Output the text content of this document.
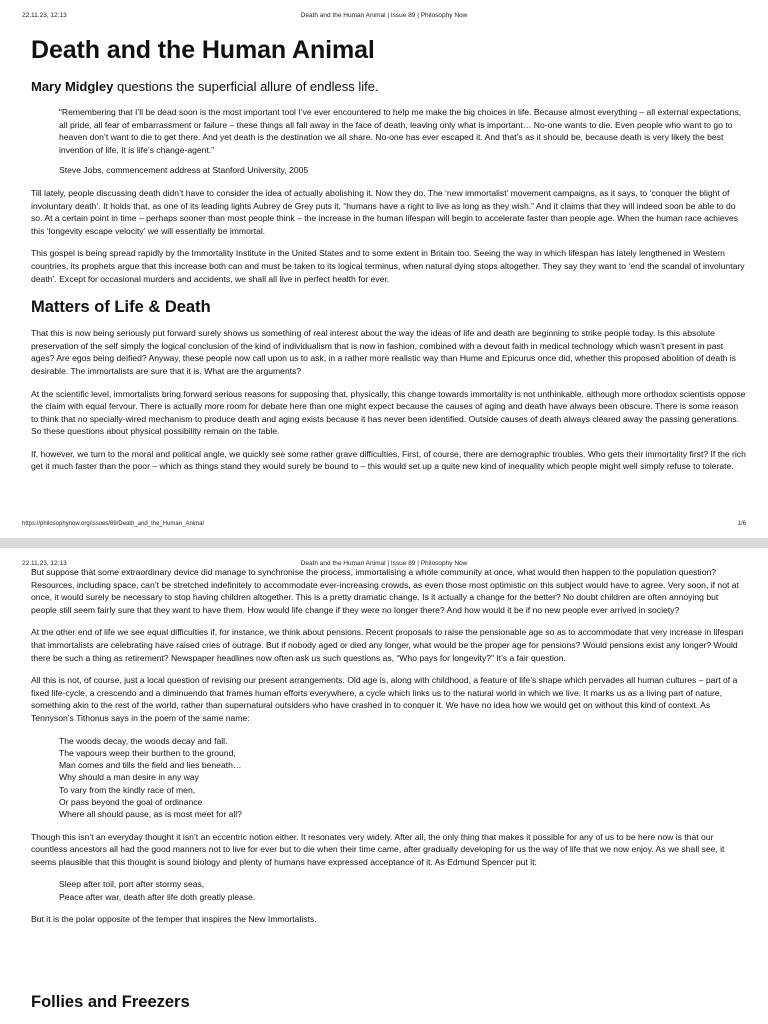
22.11.23, 12:13	Death and the Human Animal | Issue 89 | Philosophy Now
Death and the Human Animal
Mary Midgley questions the superficial allure of endless life.

“Remembering that I’ll be dead soon is the most important tool I’ve ever encountered to help me make the big choices in life. Because almost everything – all external expectations, all pride, all fear of embarrassment or failure – these things all fall away in the face of death, leaving only what is important… No-one wants to die. Even people who want to go to heaven don’t want to die to get there. And yet death is the destination we all share. No-one has ever escaped it. And that’s as it should be, because death is very likely the best invention of life. It is life’s change-agent.”

Steve Jobs, commencement address at Stanford University, 2005

Till lately, people discussing death didn’t have to consider the idea of actually abolishing it. Now they do. The ‘new immortalist’ movement campaigns, as it says, to ‘conquer the blight of involuntary death’. It holds that, as one of its leading lights Aubrey de Grey puts it, “humans have a right to live as long as they wish.” And it claims that they will indeed soon be able to do so. At a certain point in time – perhaps sooner than most people think – the increase in the human lifespan will begin to accelerate faster than people age. When the human race achieves this ‘longevity escape velocity’ we will essentially be immortal.

This gospel is being spread rapidly by the Immortality Institute in the United States and to some extent in Britain too. Seeing the way in which lifespan has lately lengthened in Western countries, its prophets argue that this increase both can and must be taken to its logical terminus, when natural dying stops altogether. They say they want to ‘end the scandal of involuntary death’. Except for occasional murders and accidents, we shall all live in perfect health for ever.

Matters of Life & Death

That this is now being seriously put forward surely shows us something of real interest about the way the ideas of life and death are beginning to strike people today. Is this absolute preservation of the self simply the logical conclusion of the kind of individualism that is now in fashion, combined with a devout faith in medical technology which wasn’t present in past ages? Are egos being deified? Anyway, these people now call upon us to ask, in a rather more realistic way than Hume and Epicurus once did, whether this proposed abolition of death is desirable. The immortalists are sure that it is. What are the arguments?

At the scientific level, immortalists bring forward serious reasons for supposing that, physically, this change towards immortality is not unthinkable, although more orthodox scientists oppose the claim with equal fervour. There is actually more room for debate here than one might expect because the causes of aging and death have always been obscure. There is some reason to think that no specially-wired mechanism to produce death and aging exists because it has never been identified. Outside causes of death always cleared away the passing generations. So these questions about physical possibility remain on the table.

If, however, we turn to the moral and political angle, we quickly see some rather grave difficulties. First, of course, there are demographic troubles. Who gets their immortality first? If the rich get it much faster than the poor – which as things stand they would surely be bound to – this would set up a quite new kind of inequality which people might well simply refuse to tolerate.

https://philosophynow.org/issues/89/Death_and_the_Human_Animal	1/6
22.11.23, 12:13	Death and the Human Animal | Issue 89 | Philosophy Now

But suppose that some extraordinary device did manage to synchronise the process, immortalising a whole community at once, what would then happen to the population question? Resources, including space, can’t be stretched indefinitely to accommodate ever-increasing crowds, as even those most optimistic on this subject would have to agree. Very soon, if not at once, it would surely be necessary to stop having children altogether. This is a pretty dramatic change. Is it actually a change for the better? No doubt children are often annoying but people still seem fairly sure that they want to have them. How would life change if they were no longer there? And how would it be if no new people ever arrived in society?

At the other end of life we see equal difficulties if, for instance, we think about pensions. Recent proposals to raise the pensionable age so as to accommodate that very increase in lifespan that immortalists are celebrating have raised cries of outrage. But if nobody aged or died any longer, what would be the proper age for pensions? Would pensions exist any longer? Would there be such a thing as retirement? Newspaper headlines now often ask us such questions as, “Who pays for longevity?” It’s a fair question.

All this is not, of course, just a local question of revising our present arrangements. Old age is, along with childhood, a feature of life’s shape which pervades all human cultures – part of a fixed life-cycle, a crescendo and a diminuendo that frames human efforts everywhere, a cycle which links us to the natural world in which we live. It marks us as a living part of nature, something akin to the rest of the world, rather than supernatural outsiders who have crashed in to conquer it. We have no idea how we would get on without this kind of context. As Tennyson’s Tithonus says in the poem of the same name:

The woods decay, the woods decay and fall.
The vapours weep their burthen to the ground,
Man comes and tills the field and lies beneath…
Why should a man desire in any way
To vary from the kindly race of men,
Or pass beyond the goal of ordinance
Where all should pause, as is most meet for all?

Though this isn’t an everyday thought it isn’t an eccentric notion either. It resonates very widely. After all, the only thing that makes it possible for any of us to be here now is that our countless ancestors all had the good manners not to live for ever but to die when their time came, after gradually developing for us the way of life that we now enjoy. As we shall see, it seems plausible that this thought is sound biology and plenty of humans have expressed acceptance of it. As Edmund Spencer put it:

Sleep after toil, port after stormy seas,
Peace after war, death after life doth greatly please.

But it is the polar opposite of the temper that inspires the New Immortalists.

Follies and Freezers
